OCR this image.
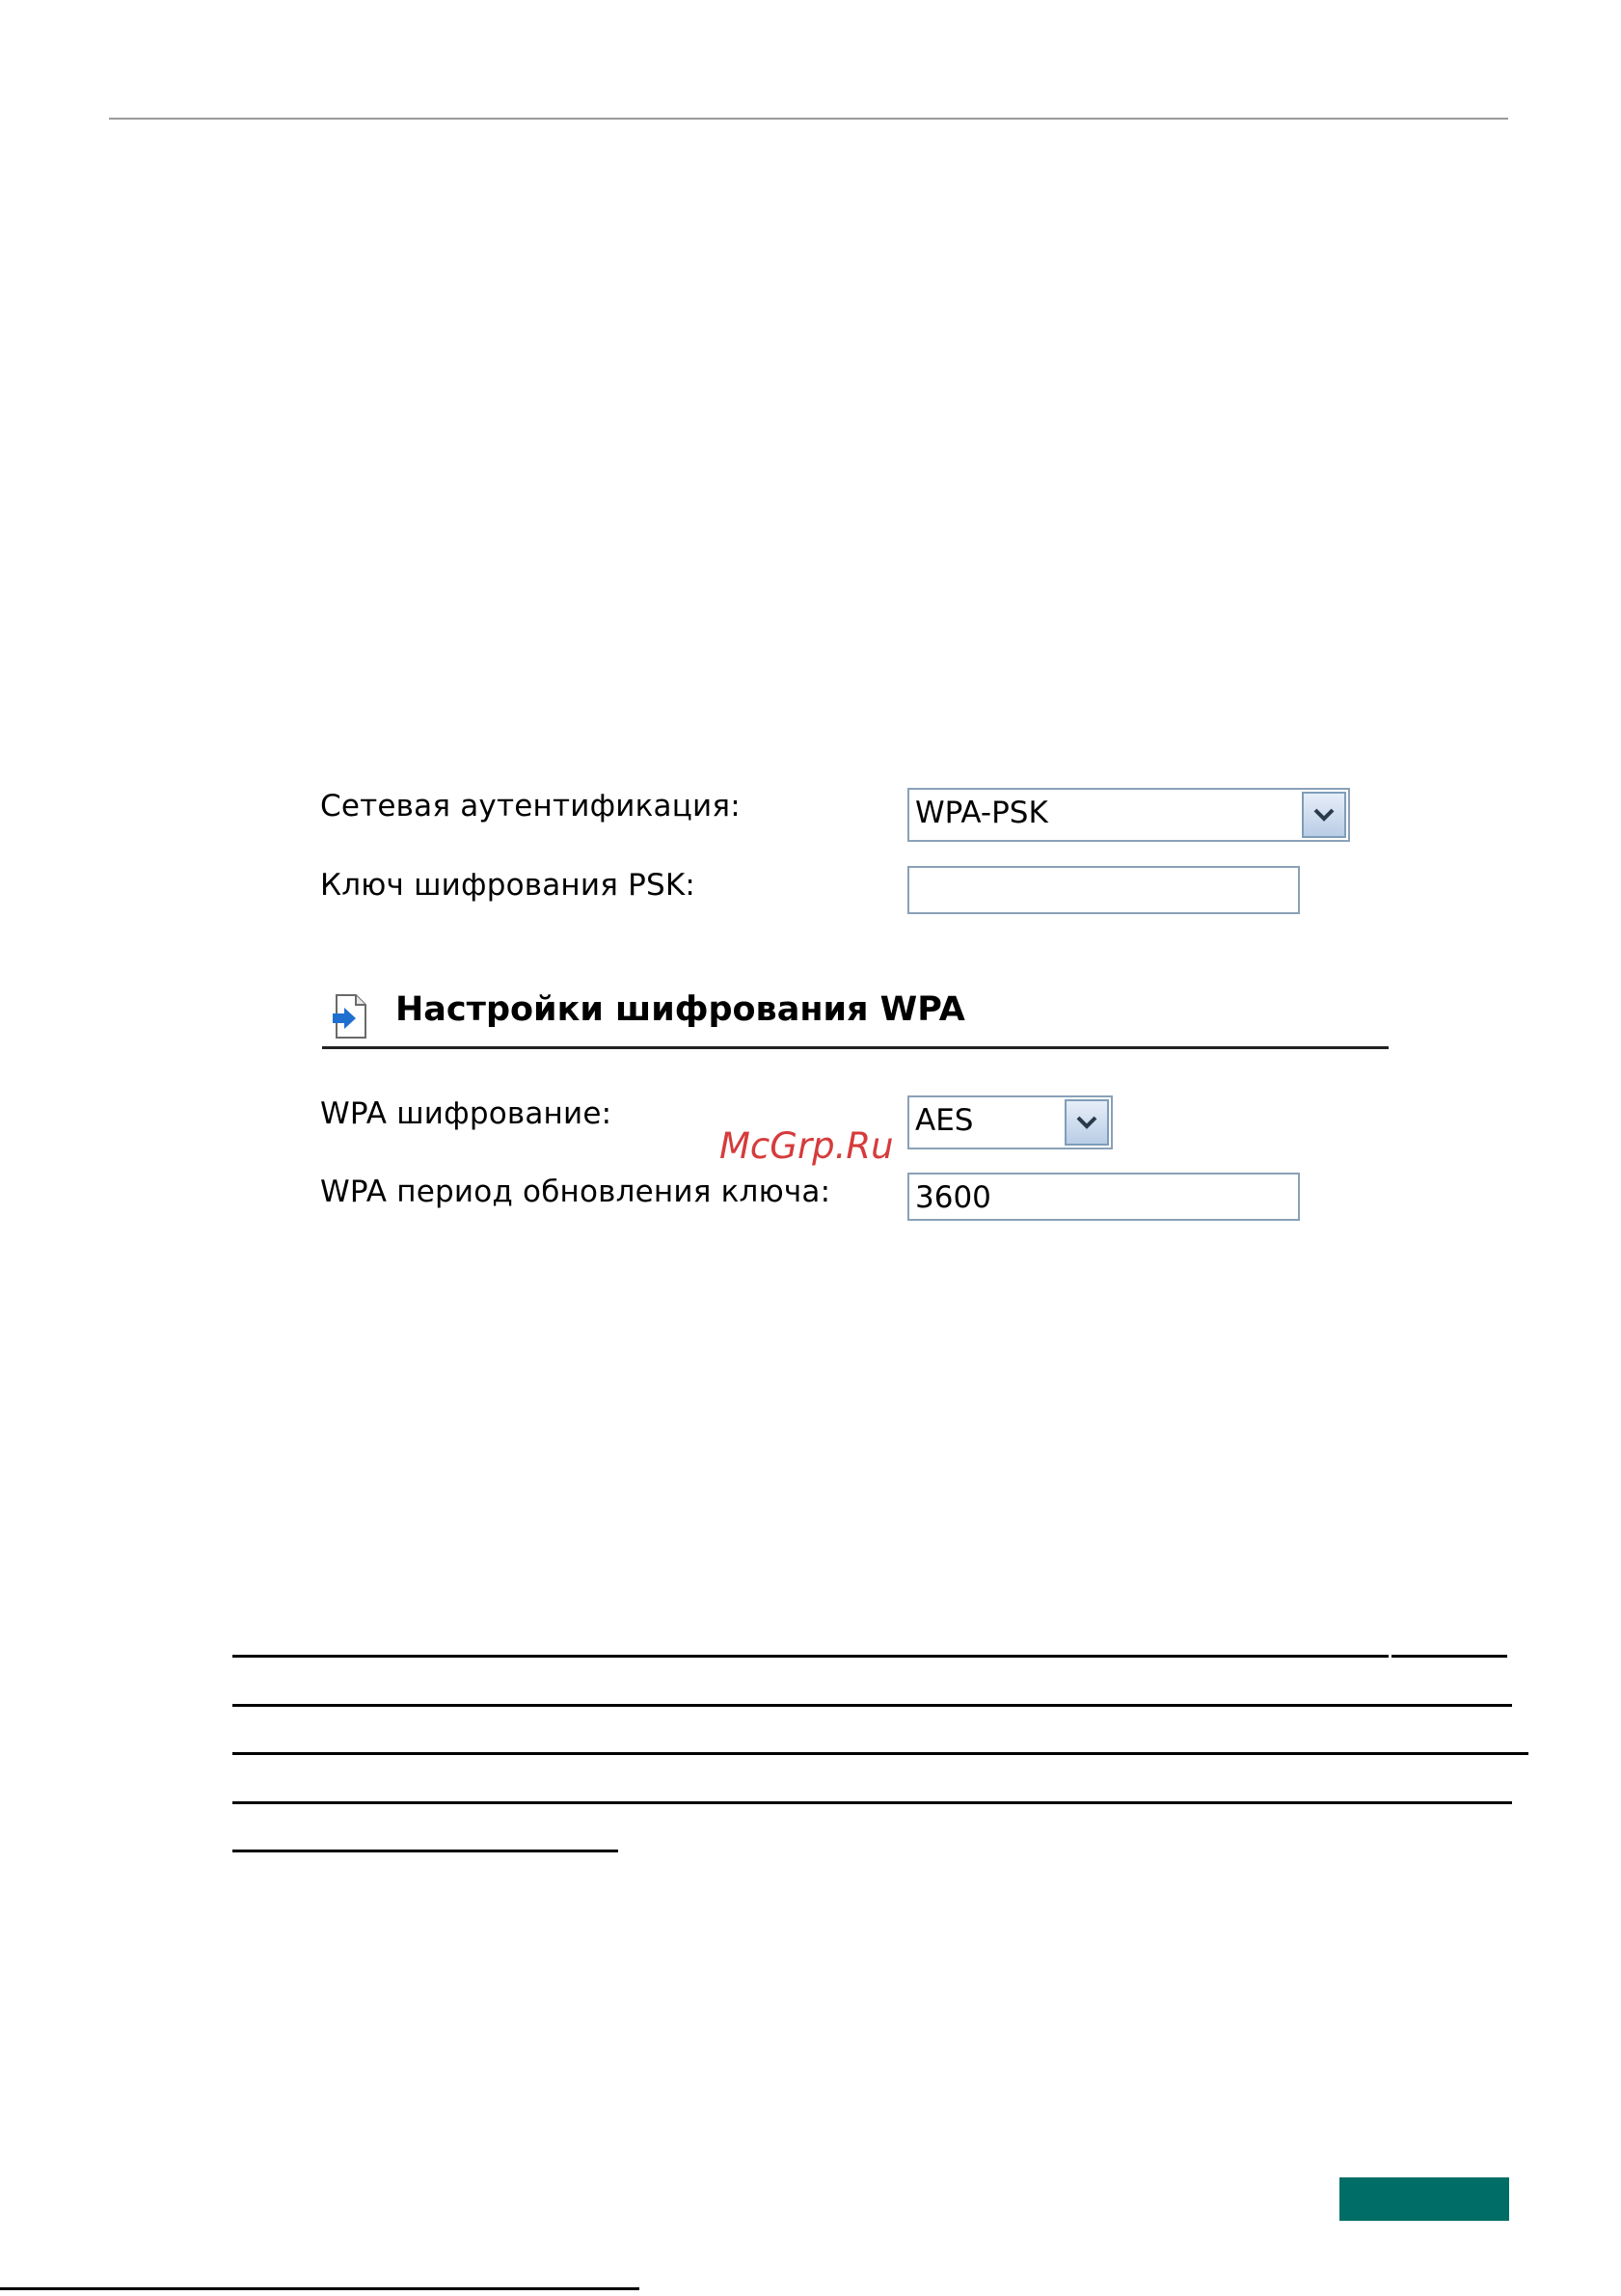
Сетевая аутентификация:	WPA-PSK
Ключ шифрования PSK:
Настройки шифрования WPA
WPA шифрование:	AES
WPA период обновления ключа:	3600
McGrp.Ru
